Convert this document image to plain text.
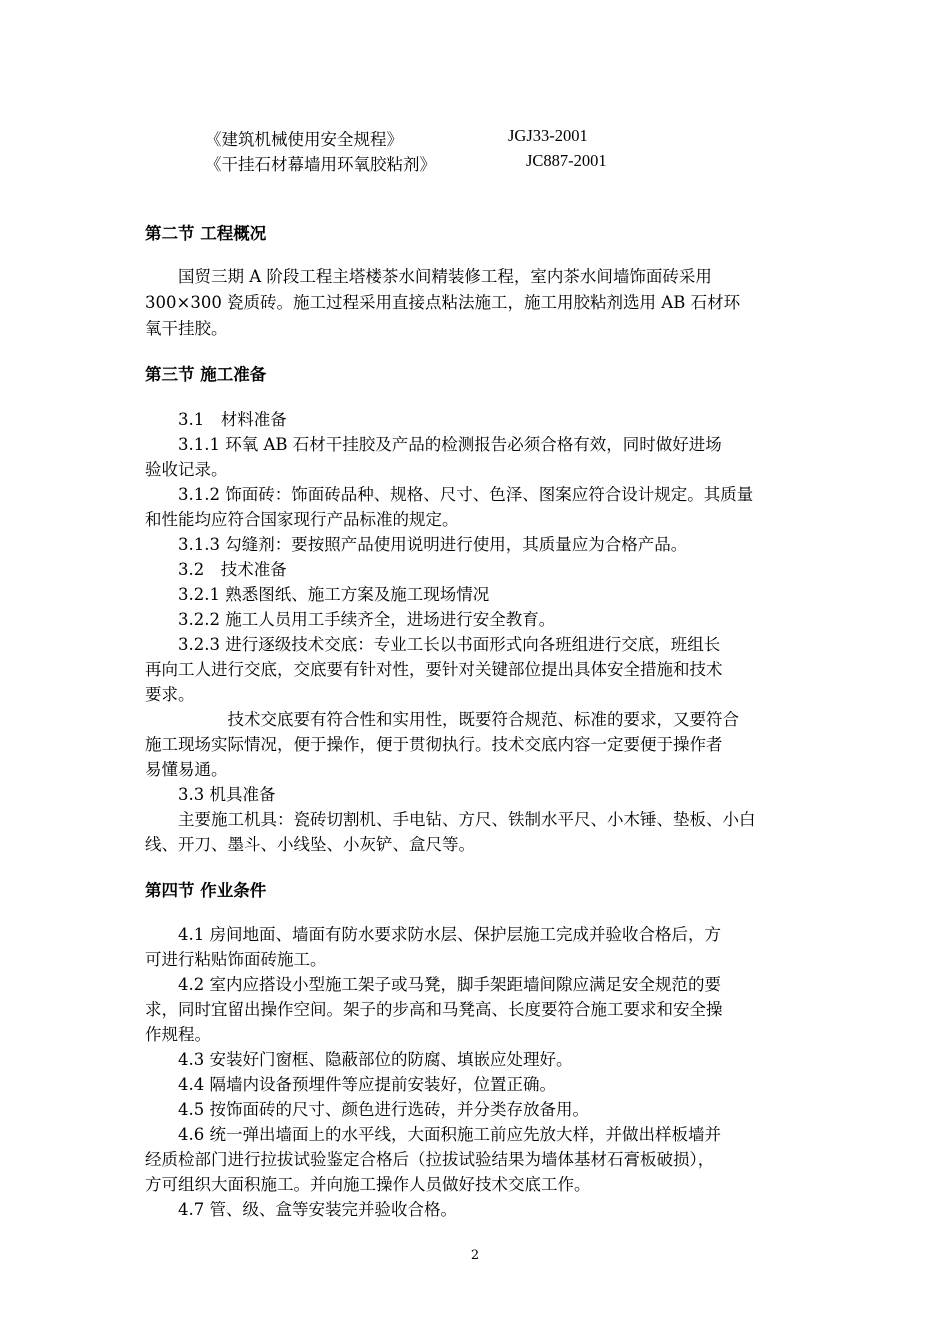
《建筑机械使用安全规程》	JGJ33-2001
《干挂石材幕墙用环氧胶粘剂》	JC887-2001
第二节 工程概况
　　国贸三期 A 阶段工程主塔楼茶水间精装修工程，室内茶水间墙饰面砖采用
300×300 瓷质砖。施工过程采用直接点粘法施工，施工用胶粘剂选用 AB 石材环
氧干挂胶。
第三节 施工准备
　　3.1　材料准备
　　3.1.1 环氧 AB 石材干挂胶及产品的检测报告必须合格有效，同时做好进场
验收记录。
　　3.1.2 饰面砖：饰面砖品种、规格、尺寸、色泽、图案应符合设计规定。其质量
和性能均应符合国家现行产品标准的规定。
　　3.1.3 勾缝剂：要按照产品使用说明进行使用，其质量应为合格产品。
　　3.2　技术准备
　　3.2.1 熟悉图纸、施工方案及施工现场情况
　　3.2.2 施工人员用工手续齐全，进场进行安全教育。
　　3.2.3 进行逐级技术交底：专业工长以书面形式向各班组进行交底，班组长
再向工人进行交底，交底要有针对性，要针对关键部位提出具体安全措施和技术
要求。
　　　　　技术交底要有符合性和实用性，既要符合规范、标准的要求，又要符合
施工现场实际情况，便于操作，便于贯彻执行。技术交底内容一定要便于操作者
易懂易通。
　　3.3 机具准备
　　主要施工机具：瓷砖切割机、手电钻、方尺、铁制水平尺、小木锤、垫板、小白
线、开刀、墨斗、小线坠、小灰铲、盒尺等。
第四节 作业条件
　　4.1 房间地面、墙面有防水要求防水层、保护层施工完成并验收合格后，方
可进行粘贴饰面砖施工。
　　4.2 室内应搭设小型施工架子或马凳，脚手架距墙间隙应满足安全规范的要
求，同时宜留出操作空间。架子的步高和马凳高、长度要符合施工要求和安全操
作规程。
　　4.3 安装好门窗框、隐蔽部位的防腐、填嵌应处理好。
　　4.4 隔墙内设备预埋件等应提前安装好，位置正确。
　　4.5 按饰面砖的尺寸、颜色进行选砖，并分类存放备用。
　　4.6 统一弹出墙面上的水平线，大面积施工前应先放大样，并做出样板墙并
经质检部门进行拉拔试验鉴定合格后（拉拔试验结果为墙体基材石膏板破损），
方可组织大面积施工。并向施工操作人员做好技术交底工作。
　　4.7 管、级、盒等安装完并验收合格。
2
